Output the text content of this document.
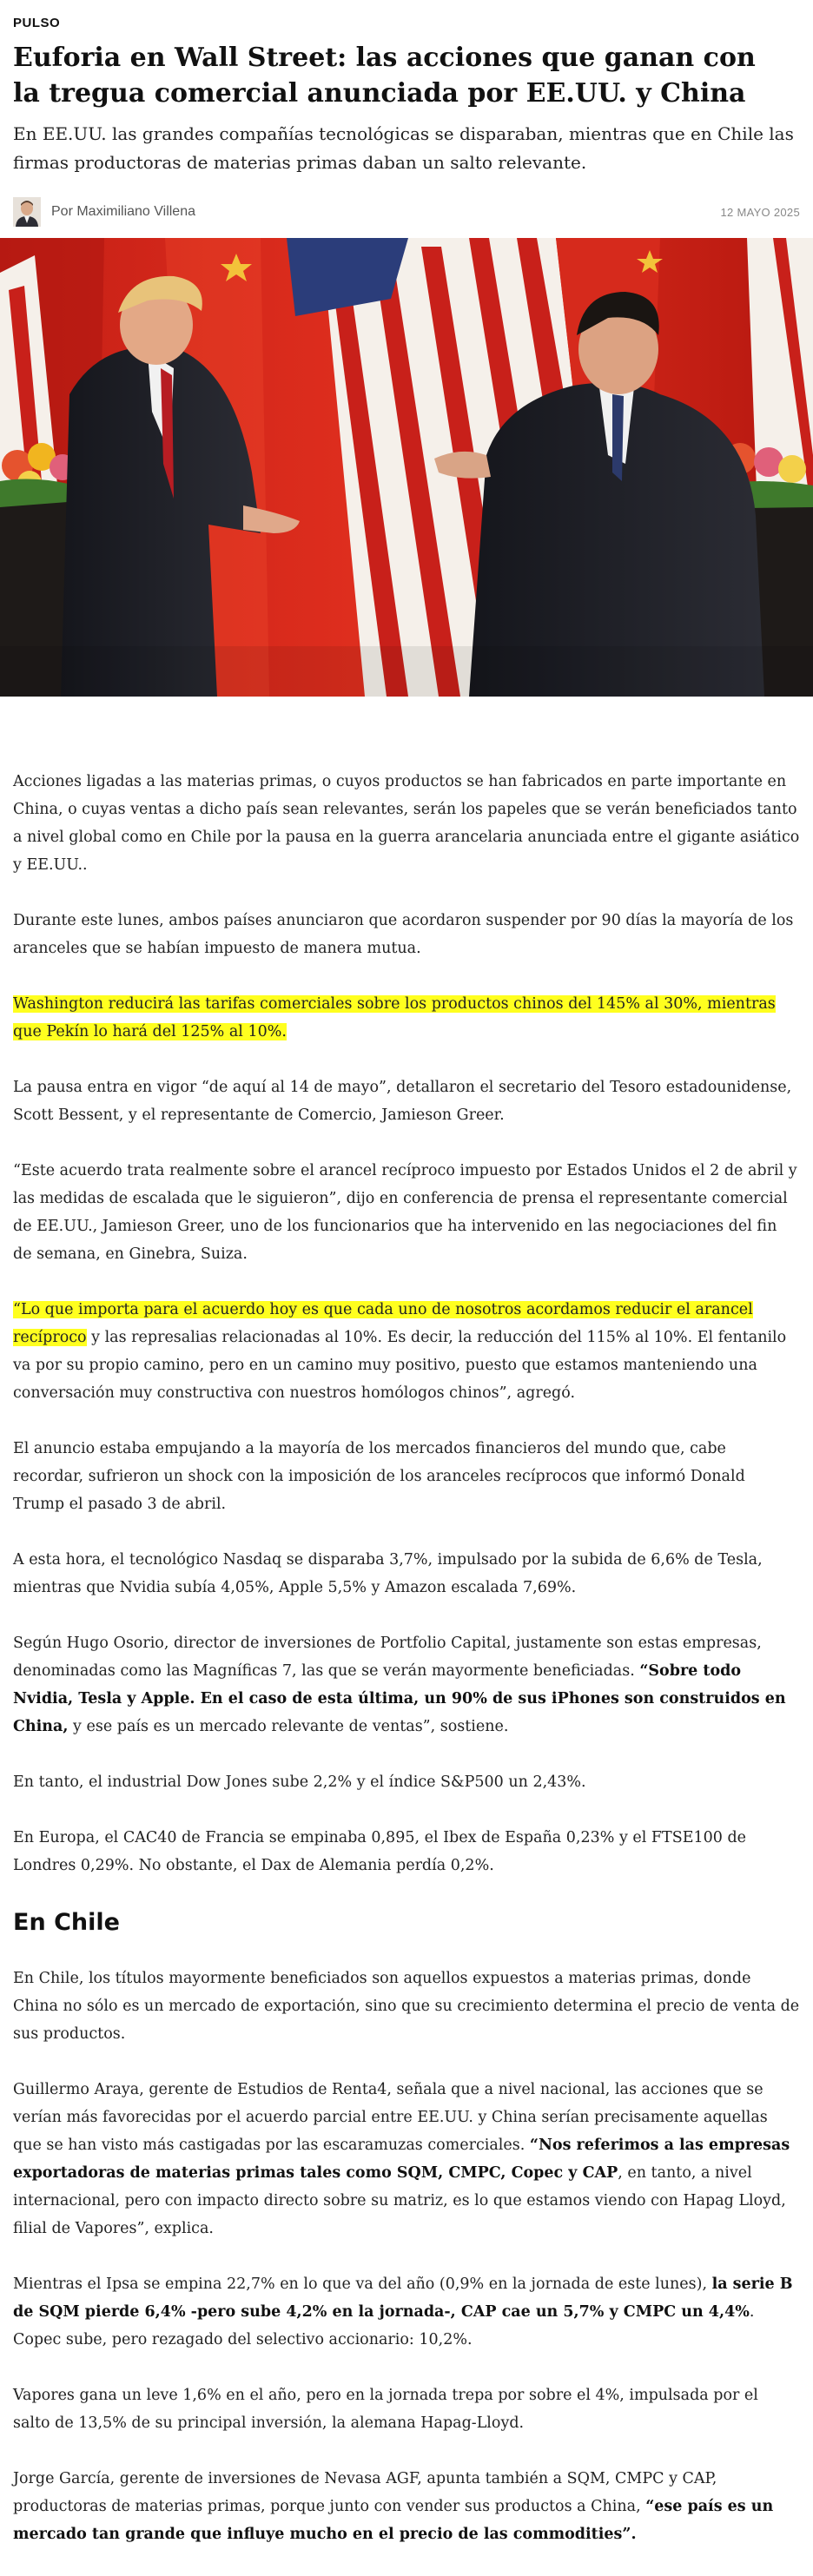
PULSO
Euforia en Wall Street: las acciones que ganan con la tregua comercial anunciada por EE.UU. y China

En EE.UU. las grandes compañías tecnológicas se disparaban, mientras que en Chile las firmas productoras de materias primas daban un salto relevante.

Por Maximiliano Villena	12 MAYO 2025

Acciones ligadas a las materias primas, o cuyos productos se han fabricados en parte importante en China, o cuyas ventas a dicho país sean relevantes, serán los papeles que se verán beneficiados tanto a nivel global como en Chile por la pausa en la guerra arancelaria anunciada entre el gigante asiático y EE.UU..

Durante este lunes, ambos países anunciaron que acordaron suspender por 90 días la mayoría de los aranceles que se habían impuesto de manera mutua.

Washington reducirá las tarifas comerciales sobre los productos chinos del 145% al 30%, mientras que Pekín lo hará del 125% al 10%.

La pausa entra en vigor “de aquí al 14 de mayo”, detallaron el secretario del Tesoro estadounidense, Scott Bessent, y el representante de Comercio, Jamieson Greer.

“Este acuerdo trata realmente sobre el arancel recíproco impuesto por Estados Unidos el 2 de abril y las medidas de escalada que le siguieron”, dijo en conferencia de prensa el representante comercial de EE.UU., Jamieson Greer, uno de los funcionarios que ha intervenido en las negociaciones del fin de semana, en Ginebra, Suiza.

“Lo que importa para el acuerdo hoy es que cada uno de nosotros acordamos reducir el arancel recíproco y las represalias relacionadas al 10%. Es decir, la reducción del 115% al 10%. El fentanilo va por su propio camino, pero en un camino muy positivo, puesto que estamos manteniendo una conversación muy constructiva con nuestros homólogos chinos”, agregó.

El anuncio estaba empujando a la mayoría de los mercados financieros del mundo que, cabe recordar, sufrieron un shock con la imposición de los aranceles recíprocos que informó Donald Trump el pasado 3 de abril.

A esta hora, el tecnológico Nasdaq se disparaba 3,7%, impulsado por la subida de 6,6% de Tesla, mientras que Nvidia subía 4,05%, Apple 5,5% y Amazon escalada 7,69%.

Según Hugo Osorio, director de inversiones de Portfolio Capital, justamente son estas empresas, denominadas como las Magníficas 7, las que se verán mayormente beneficiadas. “Sobre todo Nvidia, Tesla y Apple. En el caso de esta última, un 90% de sus iPhones son construidos en China, y ese país es un mercado relevante de ventas”, sostiene.

En tanto, el industrial Dow Jones sube 2,2% y el índice S&P500 un 2,43%.

En Europa, el CAC40 de Francia se empinaba 0,895, el Ibex de España 0,23% y el FTSE100 de Londres 0,29%. No obstante, el Dax de Alemania perdía 0,2%.

En Chile

En Chile, los títulos mayormente beneficiados son aquellos expuestos a materias primas, donde China no sólo es un mercado de exportación, sino que su crecimiento determina el precio de venta de sus productos.

Guillermo Araya, gerente de Estudios de Renta4, señala que a nivel nacional, las acciones que se verían más favorecidas por el acuerdo parcial entre EE.UU. y China serían precisamente aquellas que se han visto más castigadas por las escaramuzas comerciales. “Nos referimos a las empresas exportadoras de materias primas tales como SQM, CMPC, Copec y CAP, en tanto, a nivel internacional, pero con impacto directo sobre su matriz, es lo que estamos viendo con Hapag Lloyd, filial de Vapores”, explica.

Mientras el Ipsa se empina 22,7% en lo que va del año (0,9% en la jornada de este lunes), la serie B de SQM pierde 6,4% -pero sube 4,2% en la jornada-, CAP cae un 5,7% y CMPC un 4,4%. Copec sube, pero rezagado del selectivo accionario: 10,2%.

Vapores gana un leve 1,6% en el año, pero en la jornada trepa por sobre el 4%, impulsada por el salto de 13,5% de su principal inversión, la alemana Hapag-Lloyd.

Jorge García, gerente de inversiones de Nevasa AGF, apunta también a SQM, CMPC y CAP, productoras de materias primas, porque junto con vender sus productos a China, “ese país es un mercado tan grande que influye mucho en el precio de las commodities”.
